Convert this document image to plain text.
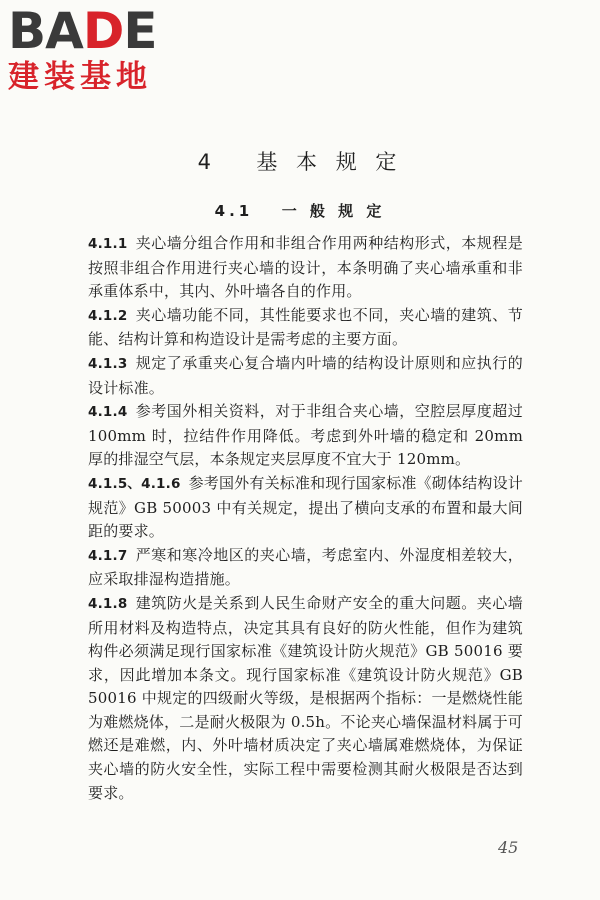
BADE
建装基地
4 基 本 规 定
4.1 一 般 规 定

4.1.1 夹心墙分组合作用和非组合作用两种结构形式，本规程是按照非组合作用进行夹心墙的设计，本条明确了夹心墙承重和非承重体系中，其内、外叶墙各自的作用。

4.1.2 夹心墙功能不同，其性能要求也不同，夹心墙的建筑、节能、结构计算和构造设计是需考虑的主要方面。

4.1.3 规定了承重夹心复合墙内叶墙的结构设计原则和应执行的设计标准。

4.1.4 参考国外相关资料，对于非组合夹心墙，空腔层厚度超过 100mm 时，拉结件作用降低。考虑到外叶墙的稳定和 20mm 厚的排湿空气层，本条规定夹层厚度不宜大于 120mm。

4.1.5、4.1.6 参考国外有关标准和现行国家标准《砌体结构设计规范》GB 50003 中有关规定，提出了横向支承的布置和最大间距的要求。

4.1.7 严寒和寒冷地区的夹心墙，考虑室内、外湿度相差较大，应采取排湿构造措施。

4.1.8 建筑防火是关系到人民生命财产安全的重大问题。夹心墙所用材料及构造特点，决定其具有良好的防火性能，但作为建筑构件必须满足现行国家标准《建筑设计防火规范》GB 50016 要求，因此增加本条文。现行国家标准《建筑设计防火规范》GB 50016 中规定的四级耐火等级，是根据两个指标：一是燃烧性能为难燃烧体，二是耐火极限为 0.5h。不论夹心墙保温材料属于可燃还是难燃，内、外叶墙材质决定了夹心墙属难燃烧体，为保证夹心墙的防火安全性，实际工程中需要检测其耐火极限是否达到要求。

45
